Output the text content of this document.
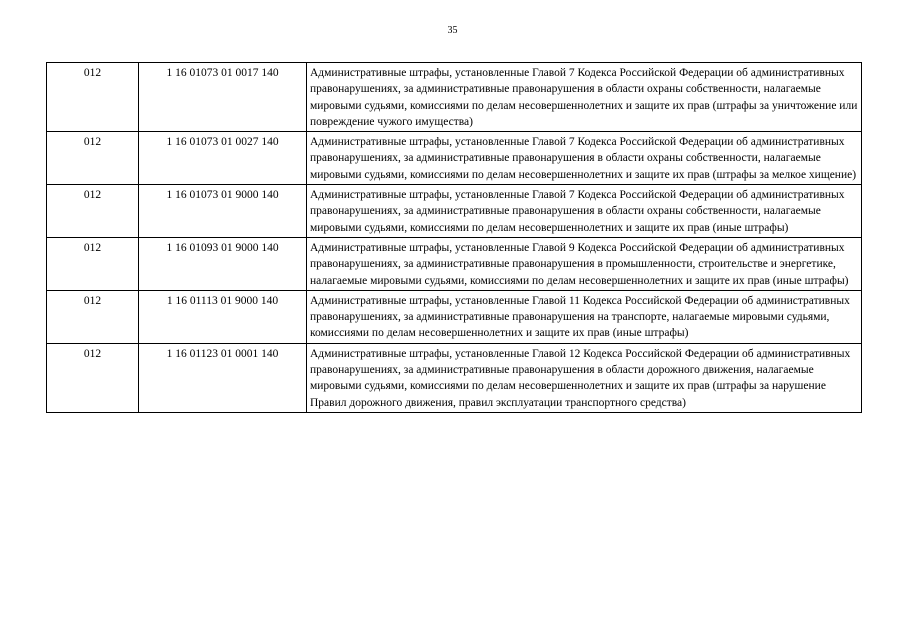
35
012	1 16 01073 01 0017 140	Административные штрафы, установленные Главой 7 Кодекса Российской Федерации об административных правонарушениях, за административные правонарушения в области охраны собственности, налагаемые мировыми судьями, комиссиями по делам несовершеннолетних и защите их прав (штрафы за уничтожение или повреждение чужого имущества)
012	1 16 01073 01 0027 140	Административные штрафы, установленные Главой 7 Кодекса Российской Федерации об административных правонарушениях, за административные правонарушения в области охраны собственности, налагаемые мировыми судьями, комиссиями по делам несовершеннолетних и защите их прав (штрафы за мелкое хищение)
012	1 16 01073 01 9000 140	Административные штрафы, установленные Главой 7 Кодекса Российской Федерации об административных правонарушениях, за административные правонарушения в области охраны собственности, налагаемые мировыми судьями, комиссиями по делам несовершеннолетних и защите их прав (иные штрафы)
012	1 16 01093 01 9000 140	Административные штрафы, установленные Главой 9 Кодекса Российской Федерации об административных правонарушениях, за административные правонарушения в промышленности, строительстве и энергетике, налагаемые мировыми судьями, комиссиями по делам несовершеннолетних и защите их прав (иные штрафы)
012	1 16 01113 01 9000 140	Административные штрафы, установленные Главой 11 Кодекса Российской Федерации об административных правонарушениях, за административные правонарушения на транспорте, налагаемые мировыми судьями, комиссиями по делам несовершеннолетних и защите их прав (иные штрафы)
012	1 16 01123 01 0001 140	Административные штрафы, установленные Главой 12 Кодекса Российской Федерации об административных правонарушениях, за административные правонарушения в области дорожного движения, налагаемые мировыми судьями, комиссиями по делам несовершеннолетних и защите их прав (штрафы за нарушение Правил дорожного движения, правил эксплуатации транспортного средства)
